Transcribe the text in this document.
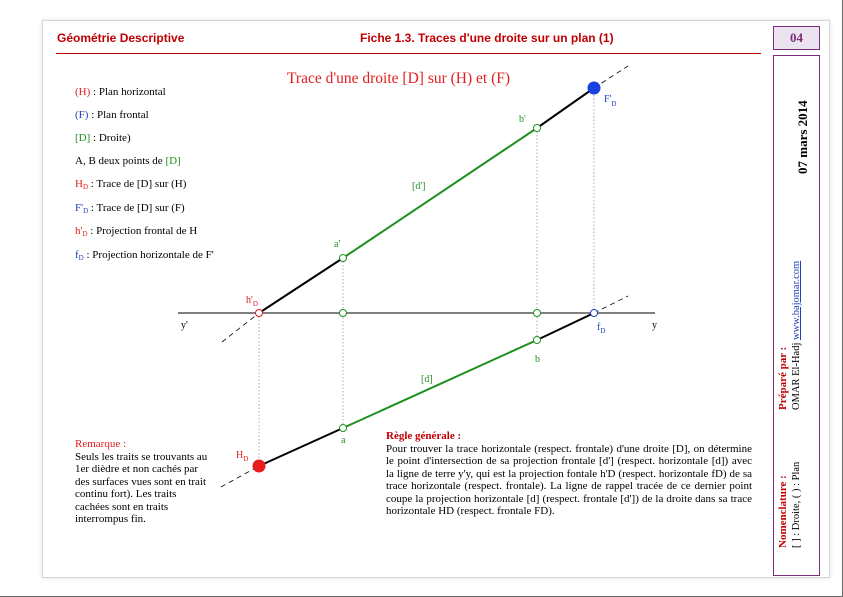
Géométrie Descriptive	Fiche 1.3. Traces d'une droite sur un plan (1)	04
07 mars 2014
Préparé par : OMAR El-Hadj www.bajomar.com
Nomenclature : [ ] : Droite, ( ) : Plan
Trace d'une droite [D] sur (H) et (F)
(H) : Plan horizontal
(F) : Plan frontal
[D] : Droite)
A, B deux points de [D]
$H_D$ : Trace de [D] sur (H)
$F'_D$ : Trace de [D] sur (F)
$h'_D$ : Projection frontal de H
$f_D$ : Projection horizontale de F'
y'	y
$h'_D$
$f_D$
$F'_D$
$H_D$
a'
b'
a
b
[d']
[d]
Remarque :
Seuls les traits se trouvants au 1er dièdre et non cachés par des surfaces vues sont en trait continu fort). Les traits cachées sont en traits interrompus fin.
Règle générale :
Pour trouver la trace horizontale (respect. frontale) d'une droite [D], on détermine le point d'intersection de sa projection frontale [d'] (respect. horizontale [d]) avec la ligne de terre y'y, qui est la projection fontale h'D (respect. horizontale fD) de sa trace horizontale (respect. frontale). La ligne de rappel tracée de ce dernier point coupe la projection horizontale [d] (respect. frontale [d']) de la droite dans sa trace horizontale HD (respect. frontale FD).
